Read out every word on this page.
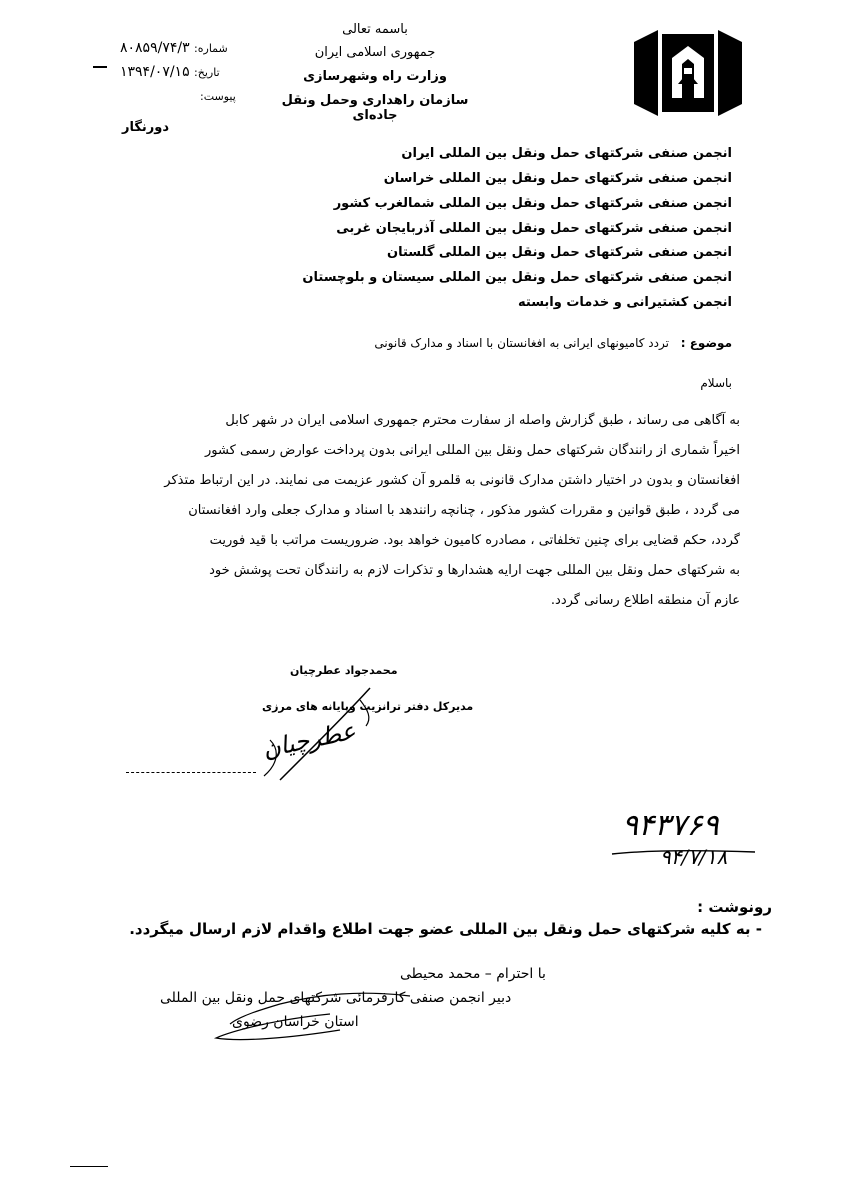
باسمه تعالی
جمهوری اسلامی ایران
وزارت راه وشهرسازی
سازمان راهداری وحمل ونقل جاده‌ای
شماره: ۸۰۸۵۹/۷۴/۳
تاریخ: ۱۳۹۴/۰۷/۱۵
پیوست:
دورنگار
انجمن صنفی شرکتهای حمل ونقل بین المللی ایران
انجمن صنفی شرکتهای حمل ونقل بین المللی خراسان
انجمن صنفی شرکتهای حمل ونقل بین المللی شمالغرب کشور
انجمن صنفی شرکتهای حمل ونقل بین المللی آذربایجان غربی
انجمن صنفی شرکتهای حمل ونقل بین المللی گلستان
انجمن صنفی شرکتهای حمل ونقل بین المللی سیستان و بلوچستان
انجمن کشتیرانی و خدمات وابسته
موضوع : تردد کامیونهای ایرانی به افغانستان با اسناد و مدارک قانونی
باسلام
به آگاهی می رساند ، طبق گزارش واصله از سفارت محترم جمهوری اسلامی ایران در شهر کابل
اخیراً شماری از رانندگان شرکتهای حمل ونقل بین المللی ایرانی بدون پرداخت عوارض رسمی کشور
افغانستان و بدون در اختیار داشتن مدارک قانونی به قلمرو آن کشور عزیمت می نمایند. در این ارتباط متذکر
می گردد ، طبق قوانین و مقررات کشور مذکور ، چنانچه رانندهد با اسناد و مدارک جعلی وارد افغانستان
گردد، حکم قضایی برای چنین تخلفاتی ، مصادره کامیون خواهد بود. ضروریست مراتب با قید فوریت
به شرکتهای حمل ونقل بین المللی جهت ارایه هشدارها و تذکرات لازم به رانندگان تحت پوشش خود
عازم آن منطقه اطلاع رسانی گردد.
محمدجواد عطرچیان
مدیرکل دفتر ترانزیت وپایانه های مرزی
عطرچیان
۹۴۳۷۶۹
۹۴/۷/۱۸
رونوشت :
- به کلیه شرکتهای حمل ونقل بین المللی عضو جهت اطلاع واقدام لازم ارسال میگردد.
با احترام – محمد محیطی
دبیر انجمن صنفی کارفرمائی شرکتهای حمل ونقل بین المللی
استان خراسان رضوی
